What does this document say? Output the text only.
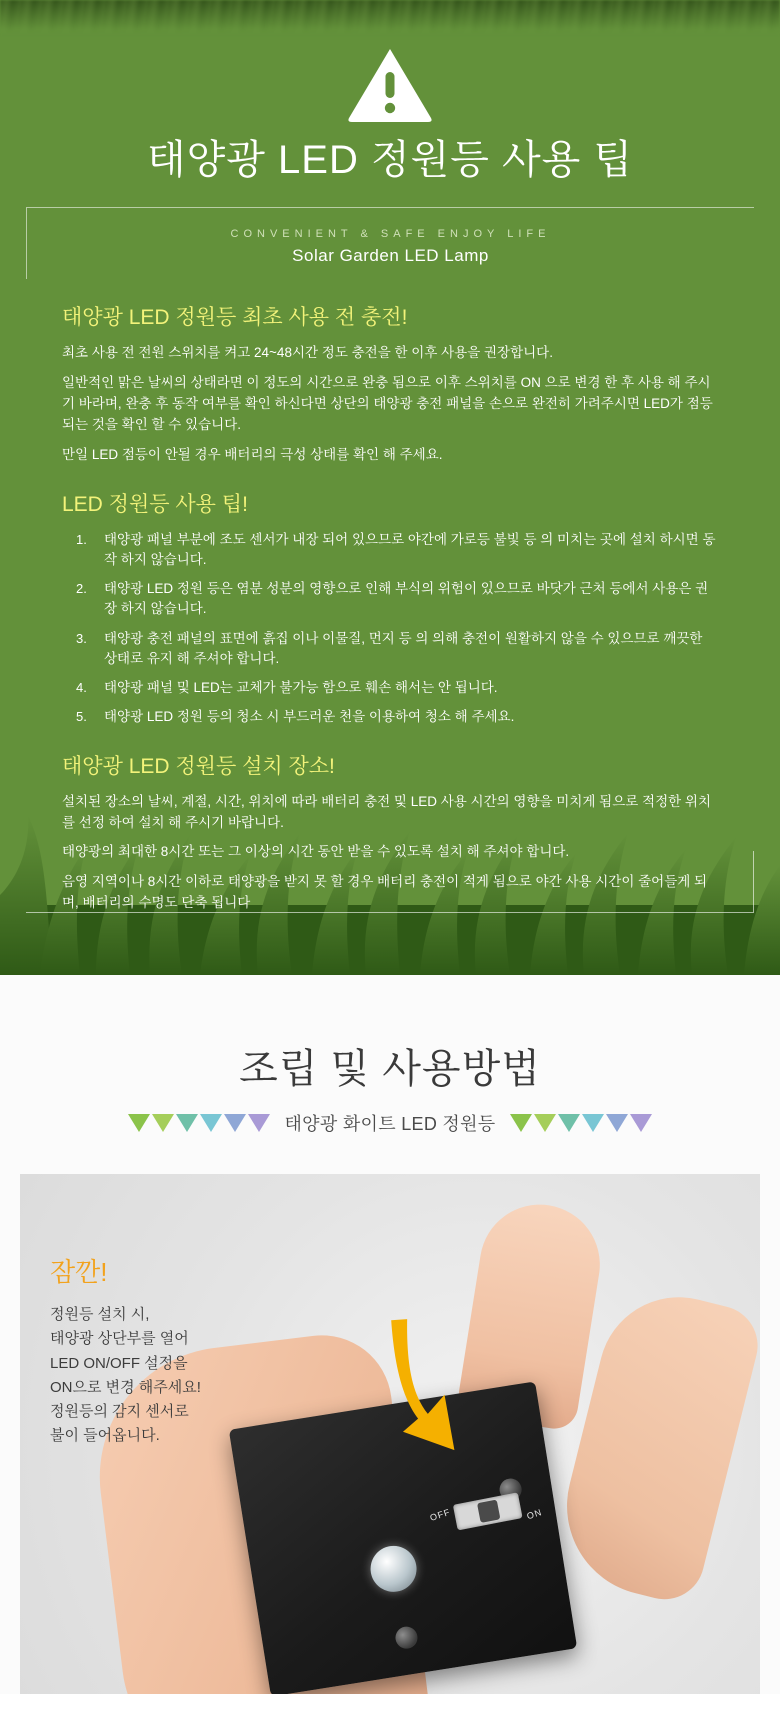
태양광 LED 정원등 사용 팁
CONVENIENT & SAFE ENJOY LIFE
Solar Garden LED Lamp
태양광 LED 정원등 최초 사용 전 충전!

최초 사용 전 전원 스위치를 켜고 24~48시간 정도 충전을 한 이후 사용을 권장합니다.

일반적인 맑은 날씨의 상태라면 이 정도의 시간으로 완충 됨으로 이후 스위치를 ON 으로 변경 한 후 사용 해 주시기 바라며, 완충 후 동작 여부를 확인 하신다면 상단의 태양광 충전 패널을 손으로 완전히 가려주시면 LED가 점등 되는 것을 확인 할 수 있습니다.

만일 LED 점등이 안될 경우 배터리의 극성 상태를 확인 해 주세요.

LED 정원등 사용 팁!
태양광 패널 부분에 조도 센서가 내장 되어 있으므로 야간에 가로등 불빛 등 의 미치는 곳에 설치 하시면 동작 하지 않습니다.
태양광 LED 정원 등은 염분 성분의 영향으로 인해 부식의 위험이 있으므로 바닷가 근처 등에서 사용은 권장 하지 않습니다.
태양광 충전 패널의 표면에 흙집 이나 이물질, 먼지 등 의 의해 충전이 원활하지 않을 수 있으므로 깨끗한 상태로 유지 해 주셔야 합니다.
태양광 패널 및 LED는 교체가 불가능 함으로 훼손 해서는 안 됩니다.
태양광 LED 정원 등의 청소 시 부드러운 천을 이용하여 청소 해 주세요.
태양광 LED 정원등 설치 장소!

설치된 장소의 날씨, 계절, 시간, 위치에 따라 배터리 충전 및 LED 사용 시간의 영향을 미치게 됨으로 적정한 위치를 선정 하여 설치 해 주시기 바랍니다.

태양광의 최대한 8시간 또는 그 이상의 시간 동안 받을 수 있도록 설치 해 주셔야 합니다.

음영 지역이나 8시간 이하로 태양광을 받지 못 할 경우 배터리 충전이 적게 됨으로 야간 사용 시간이 줄어들게 되며, 배터리의 수명도 단축 됩니다

조립 및 사용방법
태양광 화이트 LED 정원등
OFF	ON
잠깐!
정원등 설치 시,
태양광 상단부를 열어
LED ON/OFF 설정을
ON으로 변경 해주세요!
정원등의 감지 센서로
불이 들어옵니다.
